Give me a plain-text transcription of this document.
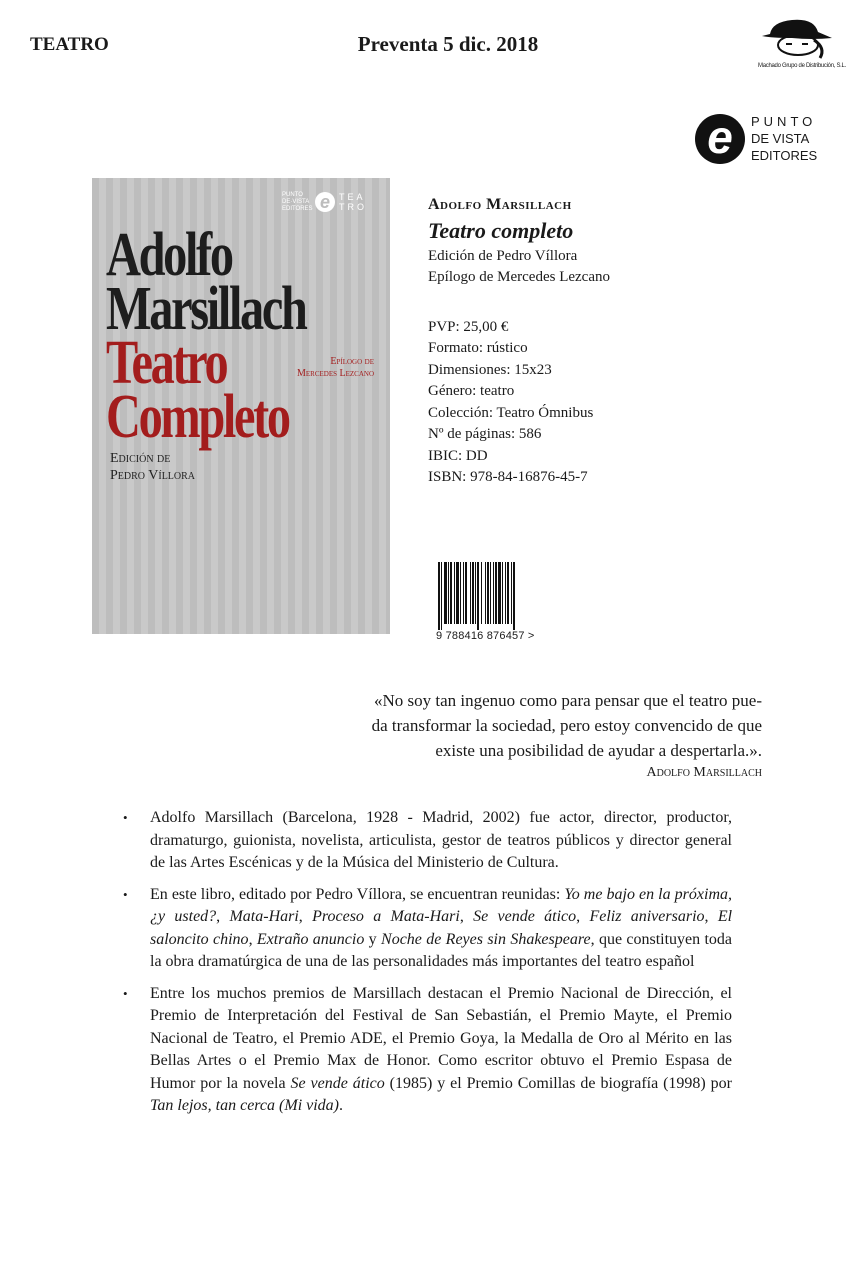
TEATRO	Preventa 5 dic. 2018
Machado Grupo de Distribución, S.L.
e	PUNTO
DE VISTA
EDITORES
PUNTO
DE·VISTA
EDITORES e	TEA
TRO
Adolfo
Marsillach
Teatro
Completo
Epílogo de
Mercedes Lezcano
Edición de
Pedro Víllora
Adolfo Marsillach
Teatro completo
Edición de Pedro Víllora
Epílogo de Mercedes Lezcano
PVP: 25,00 €
Formato: rústico
Dimensiones: 15x23
Género: teatro
Colección: Teatro Ómnibus
Nº de páginas: 586
IBIC: DD
ISBN: 978-84-16876-45-7
9 788416 876457 >
«No soy tan ingenuo como para pensar que el teatro pue-
da transformar la sociedad, pero estoy convencido de que
existe una posibilidad de ayudar a despertarla.».
Adolfo Marsillach
• Adolfo Marsillach (Barcelona, 1928 - Madrid, 2002) fue actor, director, productor, dramaturgo, guionista, novelista, articulista, gestor de teatros públicos y director general de las Artes Escénicas y de la Música del Ministerio de Cultura.
• En este libro, editado por Pedro Víllora, se encuentran reunidas: Yo me bajo en la próxima, ¿y usted?, Mata-Hari, Proceso a Mata-Hari, Se vende ático, Feliz aniversario, El saloncito chino, Extraño anuncio y Noche de Reyes sin Shakespeare, que constituyen toda la obra dramatúrgica de una de las personalidades más importantes del teatro español
• Entre los muchos premios de Marsillach destacan el Premio Nacional de Dirección, el Premio de Interpretación del Festival de San Sebastián, el Premio Mayte, el Premio Nacional de Teatro, el Premio ADE, el Premio Goya, la Medalla de Oro al Mérito en las Bellas Artes o el Premio Max de Honor. Como escritor obtuvo el Premio Espasa de Humor por la novela Se vende ático (1985) y el Premio Comillas de biografía (1998) por Tan lejos, tan cerca (Mi vida).
